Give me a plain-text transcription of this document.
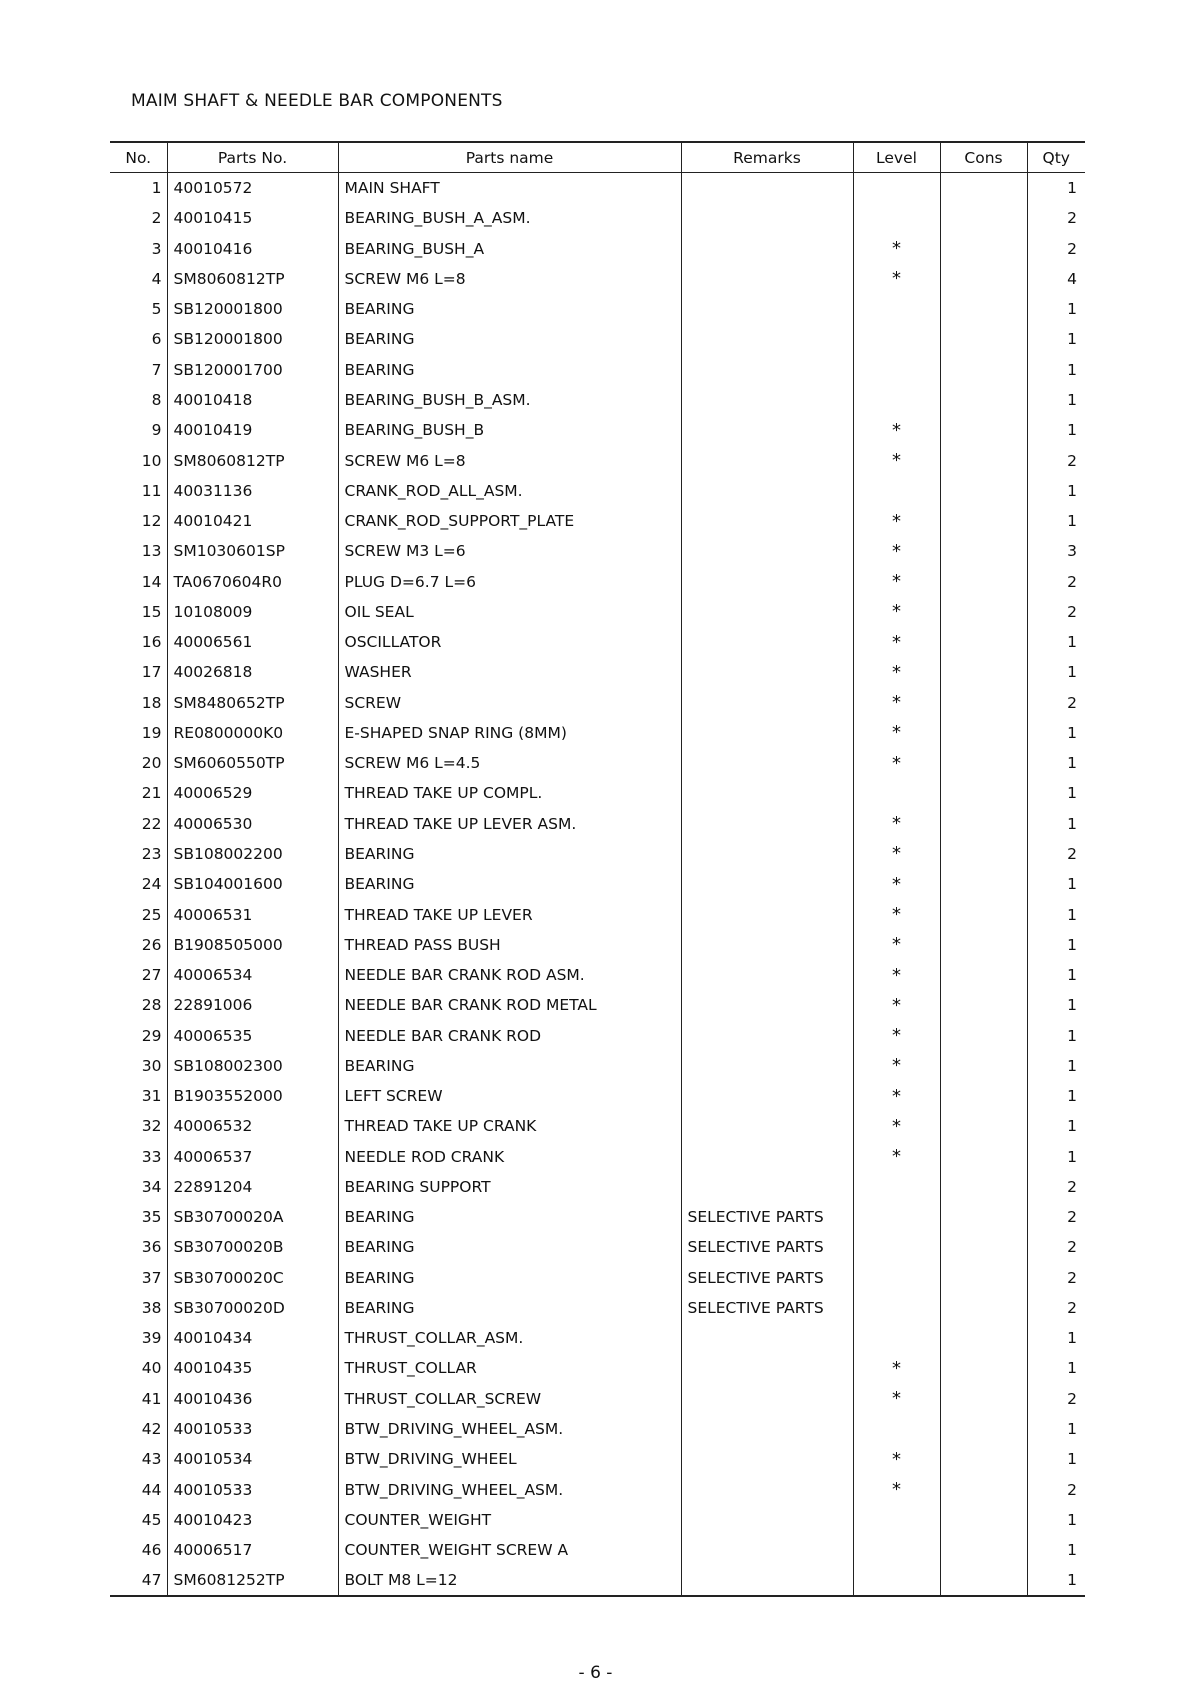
MAIM SHAFT & NEEDLE BAR COMPONENTS
No.	Parts No.	Parts name	Remarks	Level	Cons	Qty
1	40010572	MAIN SHAFT				1
2	40010415	BEARING_BUSH_A_ASM.				2
3	40010416	BEARING_BUSH_A		*		2
4	SM8060812TP	SCREW M6 L=8		*		4
5	SB120001800	BEARING				1
6	SB120001800	BEARING				1
7	SB120001700	BEARING				1
8	40010418	BEARING_BUSH_B_ASM.				1
9	40010419	BEARING_BUSH_B		*		1
10	SM8060812TP	SCREW M6 L=8		*		2
11	40031136	CRANK_ROD_ALL_ASM.				1
12	40010421	CRANK_ROD_SUPPORT_PLATE		*		1
13	SM1030601SP	SCREW M3 L=6		*		3
14	TA0670604R0	PLUG D=6.7 L=6		*		2
15	10108009	OIL SEAL		*		2
16	40006561	OSCILLATOR		*		1
17	40026818	WASHER		*		1
18	SM8480652TP	SCREW		*		2
19	RE0800000K0	E-SHAPED SNAP RING (8MM)		*		1
20	SM6060550TP	SCREW M6 L=4.5		*		1
21	40006529	THREAD TAKE UP COMPL.				1
22	40006530	THREAD TAKE UP LEVER ASM.		*		1
23	SB108002200	BEARING		*		2
24	SB104001600	BEARING		*		1
25	40006531	THREAD TAKE UP LEVER		*		1
26	B1908505000	THREAD PASS BUSH		*		1
27	40006534	NEEDLE BAR CRANK ROD ASM.		*		1
28	22891006	NEEDLE BAR CRANK ROD METAL		*		1
29	40006535	NEEDLE BAR CRANK ROD		*		1
30	SB108002300	BEARING		*		1
31	B1903552000	LEFT SCREW		*		1
32	40006532	THREAD TAKE UP CRANK		*		1
33	40006537	NEEDLE ROD CRANK		*		1
34	22891204	BEARING SUPPORT				2
35	SB30700020A	BEARING	SELECTIVE PARTS			2
36	SB30700020B	BEARING	SELECTIVE PARTS			2
37	SB30700020C	BEARING	SELECTIVE PARTS			2
38	SB30700020D	BEARING	SELECTIVE PARTS			2
39	40010434	THRUST_COLLAR_ASM.				1
40	40010435	THRUST_COLLAR		*		1
41	40010436	THRUST_COLLAR_SCREW		*		2
42	40010533	BTW_DRIVING_WHEEL_ASM.				1
43	40010534	BTW_DRIVING_WHEEL		*		1
44	40010533	BTW_DRIVING_WHEEL_ASM.		*		2
45	40010423	COUNTER_WEIGHT				1
46	40006517	COUNTER_WEIGHT SCREW A				1
47	SM6081252TP	BOLT M8 L=12				1
- 6 -
